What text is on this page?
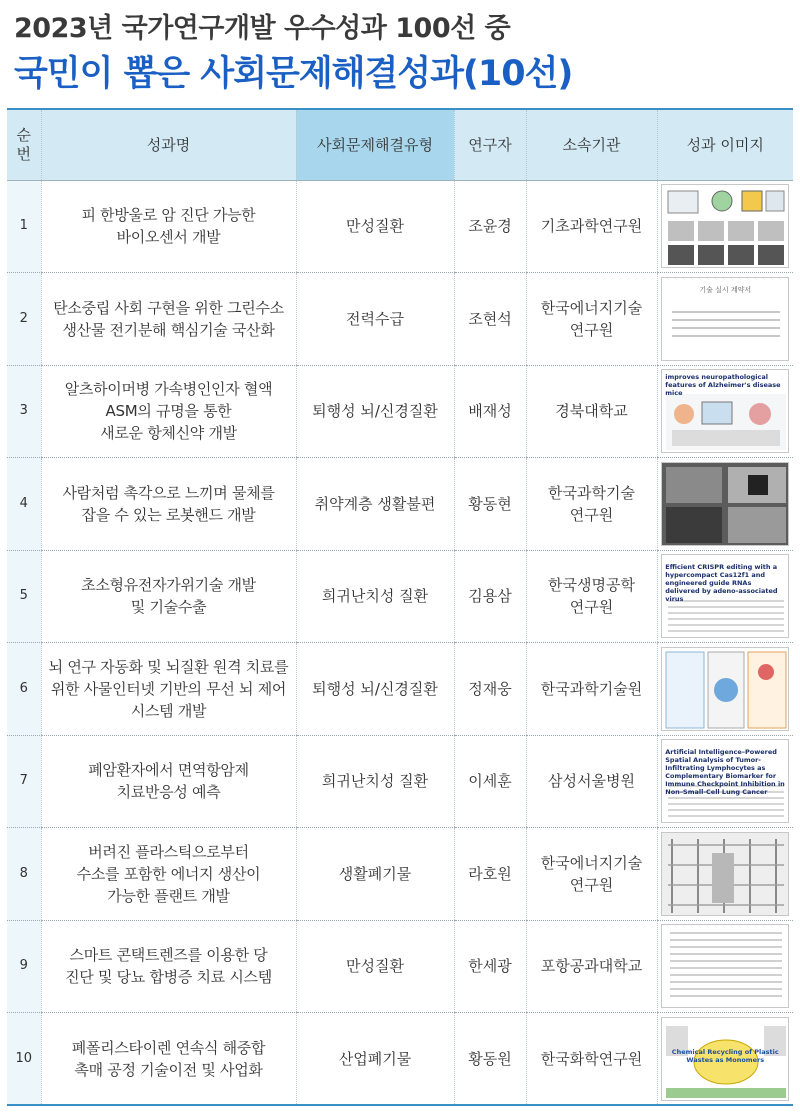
2023년 국가연구개발 우수성과 100선 중
국민이 뽑은 사회문제해결성과(10선)
순
번	성과명	사회문제해결유형	연구자	소속기관	성과 이미지
1	피 한방울로 암 진단 가능한
바이오센서 개발	만성질환	조윤경	기초과학연구원	

2	탄소중립 사회 구현을 위한 그린수소
생산물 전기분해 핵심기술 국산화	전력수급	조현석	한국에너지기술
연구원	기술 실시 계약서

3	알츠하이머병 가속병인인자 혈액
ASM의 규명을 통한
새로운 항체신약 개발	퇴행성 뇌/신경질환	배재성	경북대학교	improves neuropathological features of Alzheimer's disease mice

4	사람처럼 촉각으로 느끼며 물체를
잡을 수 있는 로봇핸드 개발	취약계층 생활불편	황동현	한국과학기술
연구원	

5	초소형유전자가위기술 개발
및 기술수출	희귀난치성 질환	김용삼	한국생명공학
연구원	Efficient CRISPR editing with a hypercompact Cas12f1 and engineered guide RNAs delivered by adeno-associated virus

6	뇌 연구 자동화 및 뇌질환 원격 치료를
위한 사물인터넷 기반의 무선 뇌 제어
시스템 개발	퇴행성 뇌/신경질환	정재웅	한국과학기술원	

7	폐암환자에서 면역항암제
치료반응성 예측	희귀난치성 질환	이세훈	삼성서울병원	Artificial Intelligence–Powered Spatial Analysis of Tumor-Infiltrating Lymphocytes as Complementary Biomarker for Immune Checkpoint Inhibition in Non–Small-Cell Lung Cancer

8	버려진 플라스틱으로부터
수소를 포함한 에너지 생산이
가능한 플랜트 개발	생활폐기물	라호원	한국에너지기술
연구원	

9	스마트 콘택트렌즈를 이용한 당
진단 및 당뇨 합병증 치료 시스템	만성질환	한세광	포항공과대학교	

10	폐폴리스타이렌 연속식 해중합
촉매 공정 기술이전 및 사업화	산업폐기물	황동원	한국화학연구원	Chemical Recycling of Plastic Wastes as Monomers
